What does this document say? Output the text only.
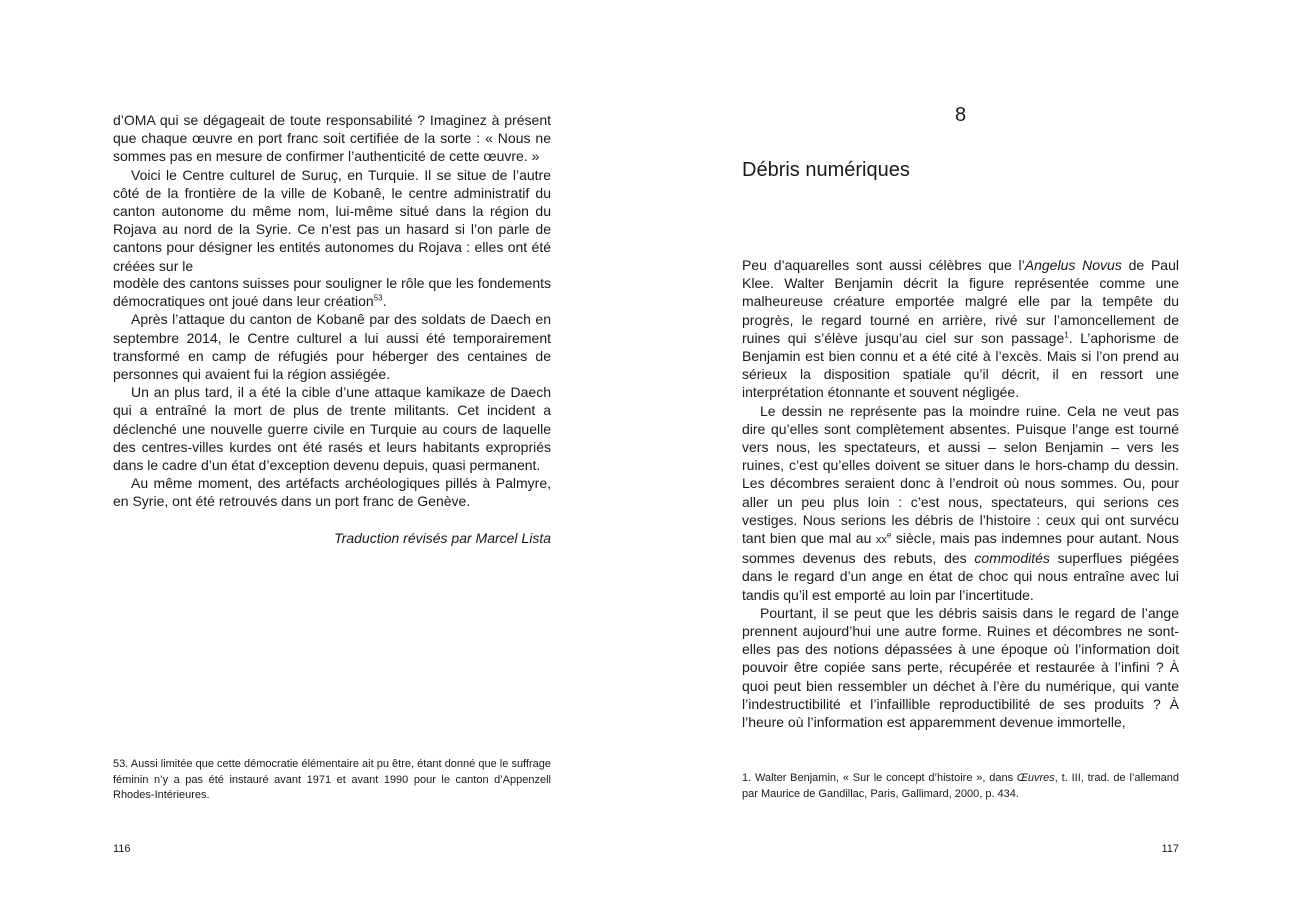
d’OMA qui se dégageait de toute responsabilité ? Imaginez à présent que chaque œuvre en port franc soit certifiée de la sorte : « Nous ne sommes pas en mesure de confirmer l’authenticité de cette œuvre. »

Voici le Centre culturel de Suruç, en Turquie. Il se situe de l’autre côté de la frontière de la ville de Kobanê, le centre administratif du canton autonome du même nom, lui-même situé dans la région du Rojava au nord de la Syrie. Ce n’est pas un hasard si l’on parle de cantons pour désigner les entités autonomes du Rojava : elles ont été créées sur le

modèle des cantons suisses pour souligner le rôle que les fondements démocratiques ont joué dans leur création$^{53}$.

Après l’attaque du canton de Kobanê par des soldats de Daech en septembre 2014, le Centre culturel a lui aussi été temporairement transformé en camp de réfugiés pour héberger des centaines de personnes qui avaient fui la région assiégée.

Un an plus tard, il a été la cible d’une attaque kamikaze de Daech qui a entraîné la mort de plus de trente militants. Cet incident a déclenché une nouvelle guerre civile en Turquie au cours de laquelle des centres-villes kurdes ont été rasés et leurs habitants expropriés dans le cadre d’un état d’exception devenu depuis, quasi permanent.

Au même moment, des artéfacts archéologiques pillés à Palmyre, en Syrie, ont été retrouvés dans un port franc de Genève.

Traduction révisés par Marcel Lista

53. Aussi limitée que cette démocratie élémentaire ait pu être, étant donné que le suffrage féminin n’y a pas été instauré avant 1971 et avant 1990 pour le canton d’Appenzell Rhodes-Intérieures.

116
8
Débris numériques

Peu d’aquarelles sont aussi célèbres que l’Angelus Novus de Paul Klee. Walter Benjamin décrit la figure représentée comme une malheureuse créature emportée malgré elle par la tempête du progrès, le regard tourné en arrière, rivé sur l’amoncellement de ruines qui s’élève jusqu’au ciel sur son passage$^1$. L’aphorisme de Benjamin est bien connu et a été cité à l’excès. Mais si l’on prend au sérieux la disposition spatiale qu’il décrit, il en ressort une interprétation étonnante et souvent négligée.

Le dessin ne représente pas la moindre ruine. Cela ne veut pas dire qu’elles sont complètement absentes. Puisque l’ange est tourné vers nous, les spectateurs, et aussi – selon Benjamin – vers les ruines, c’est qu’elles doivent se situer dans le hors-champ du dessin. Les décombres seraient donc à l’endroit où nous sommes. Ou, pour aller un peu plus loin : c’est nous, spectateurs, qui serions ces vestiges. Nous serions les débris de l’histoire : ceux qui ont survécu tant bien que mal au $xx^e$ siècle, mais pas indemnes pour autant. Nous sommes devenus des rebuts, des commodités superflues piégées dans le regard d’un ange en état de choc qui nous entraîne avec lui tandis qu’il est emporté au loin par l’incertitude.

Pourtant, il se peut que les débris saisis dans le regard de l’ange prennent aujourd’hui une autre forme. Ruines et décombres ne sont-elles pas des notions dépassées à une époque où l’information doit pouvoir être copiée sans perte, récupérée et restaurée à l’infini ? À quoi peut bien ressembler un déchet à l’ère du numérique, qui vante l’indestructibilité et l’infaillible reproductibilité de ses produits ? À l’heure où l’information est apparemment devenue immortelle,

1. Walter Benjamin, « Sur le concept d’histoire », dans Œuvres, t. III, trad. de l’allemand par Maurice de Gandillac, Paris, Gallimard, 2000, p. 434.

117
